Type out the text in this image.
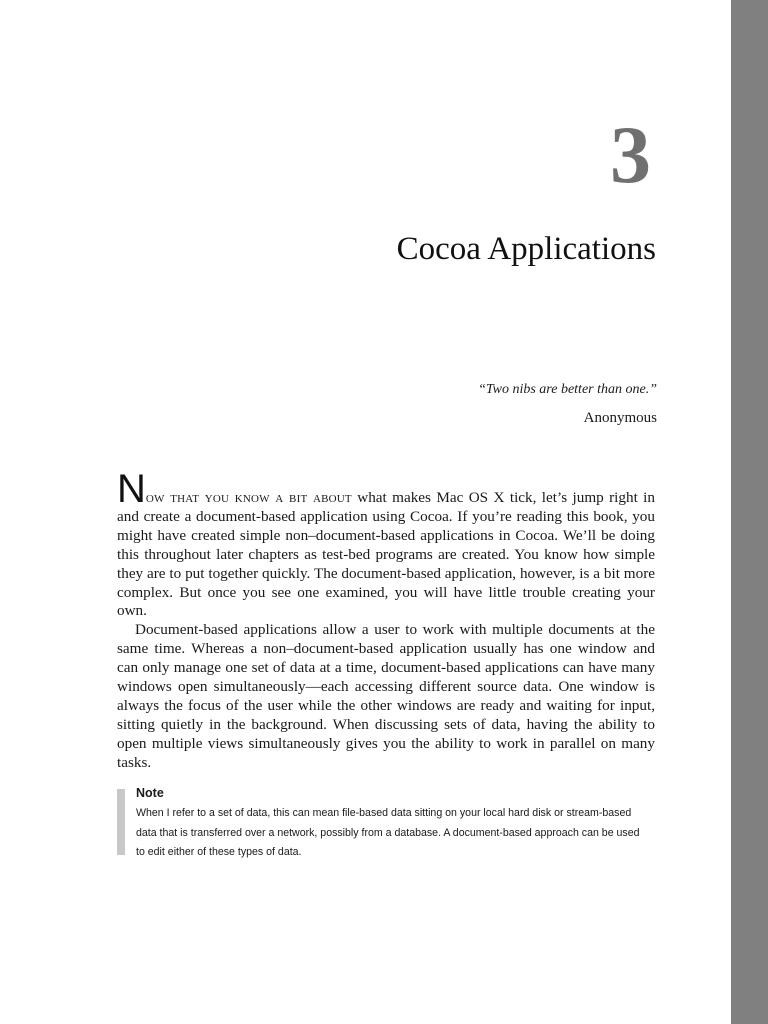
3
Cocoa Applications
“Two nibs are better than one.”
Anonymous

Now that you know a bit about what makes Mac OS X tick, let’s jump right in and create a document-based application using Cocoa. If you’re reading this book, you might have created simple non–document-based applications in Cocoa. We’ll be doing this throughout later chapters as test-bed programs are created. You know how simple they are to put together quickly. The document-based application, however, is a bit more complex. But once you see one examined, you will have little trouble creating your own.

Document-based applications allow a user to work with multiple documents at the same time. Whereas a non–document-based application usually has one window and can only manage one set of data at a time, document-based applications can have many windows open simultaneously—each accessing different source data. One window is always the focus of the user while the other windows are ready and waiting for input, sitting quietly in the background. When discussing sets of data, having the ability to open multiple views simultaneously gives you the ability to work in parallel on many tasks.

Note
When I refer to a set of data, this can mean file-based data sitting on your local hard disk or stream-based
data that is transferred over a network, possibly from a database. A document-based approach can be used
to edit either of these types of data.
